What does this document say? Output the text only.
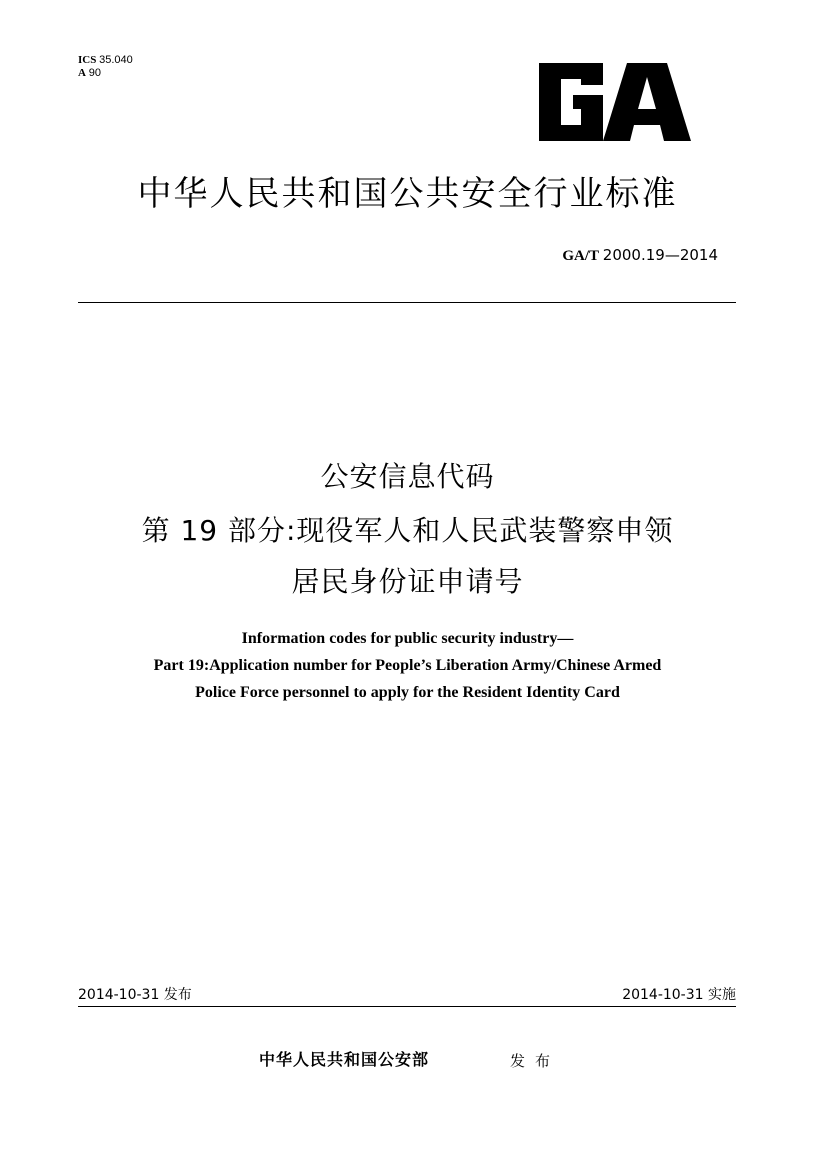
ICS 35.040
A 90
中华人民共和国公共安全行业标准
GA/T 2000.19—2014
公安信息代码
第 19 部分:现役军人和人民武装警察申领
居民身份证申请号
Information codes for public security industry—
Part 19:Application number for People’s Liberation Army/Chinese Armed
Police Force personnel to apply for the Resident Identity Card
2014-10-31 发布	2014-10-31 实施
中华人民共和国公安部	发布
